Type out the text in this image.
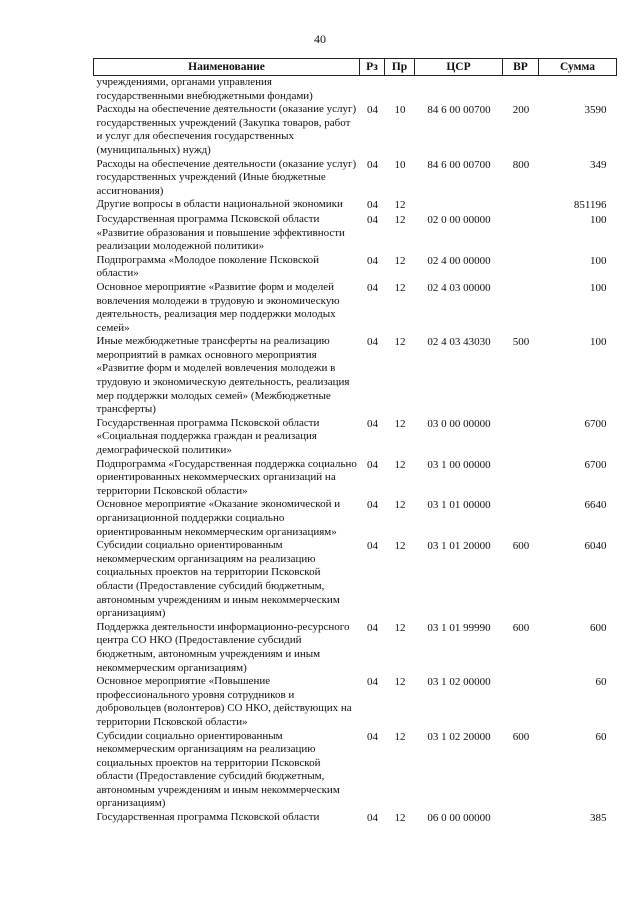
40
Наименование	Рз	Пр	ЦСР	ВР	Сумма
учреждениями, органами управления государственными внебюджетными фондами)					
Расходы на обеспечение деятельности (оказание услуг) государственных учреждений (Закупка товаров, работ и услуг для обеспечения государственных (муниципальных) нужд)	04	10	84 6 00 00700	200	3590
Расходы на обеспечение деятельности (оказание услуг) государственных учреждений (Иные бюджетные ассигнования)	04	10	84 6 00 00700	800	349
Другие вопросы в области национальной экономики	04	12			851196
Государственная программа Псковской области «Развитие образования и повышение эффективности реализации молодежной политики»	04	12	02 0 00 00000		100
Подпрограмма «Молодое поколение Псковской области»	04	12	02 4 00 00000		100
Основное мероприятие «Развитие форм и моделей вовлечения молодежи в трудовую и экономическую деятельность, реализация мер поддержки молодых семей»	04	12	02 4 03 00000		100
Иные межбюджетные трансферты на реализацию мероприятий в рамках основного мероприятия «Развитие форм и моделей вовлечения молодежи в трудовую и экономическую деятельность, реализация мер поддержки молодых семей» (Межбюджетные трансферты)	04	12	02 4 03 43030	500	100
Государственная программа Псковской области «Социальная поддержка граждан и реализация демографической политики»	04	12	03 0 00 00000		6700
Подпрограмма «Государственная поддержка социально ориентированных некоммерческих организаций на территории Псковской области»	04	12	03 1 00 00000		6700
Основное мероприятие «Оказание экономической и организационной поддержки социально ориентированным некоммерческим организациям»	04	12	03 1 01 00000		6640
Субсидии социально ориентированным некоммерческим организациям на реализацию социальных проектов на территории Псковской области (Предоставление субсидий бюджетным, автономным учреждениям и иным некоммерческим организациям)	04	12	03 1 01 20000	600	6040
Поддержка деятельности информационно-ресурсного центра СО НКО (Предоставление субсидий бюджетным, автономным учреждениям и иным некоммерческим организациям)	04	12	03 1 01 99990	600	600
Основное мероприятие «Повышение профессионального уровня сотрудников и добровольцев (волонтеров) СО НКО, действующих на территории Псковской области»	04	12	03 1 02 00000		60
Субсидии социально ориентированным некоммерческим организациям на реализацию социальных проектов на территории Псковской области (Предоставление субсидий бюджетным, автономным учреждениям и иным некоммерческим организациям)	04	12	03 1 02 20000	600	60
Государственная программа Псковской области	04	12	06 0 00 00000		385
